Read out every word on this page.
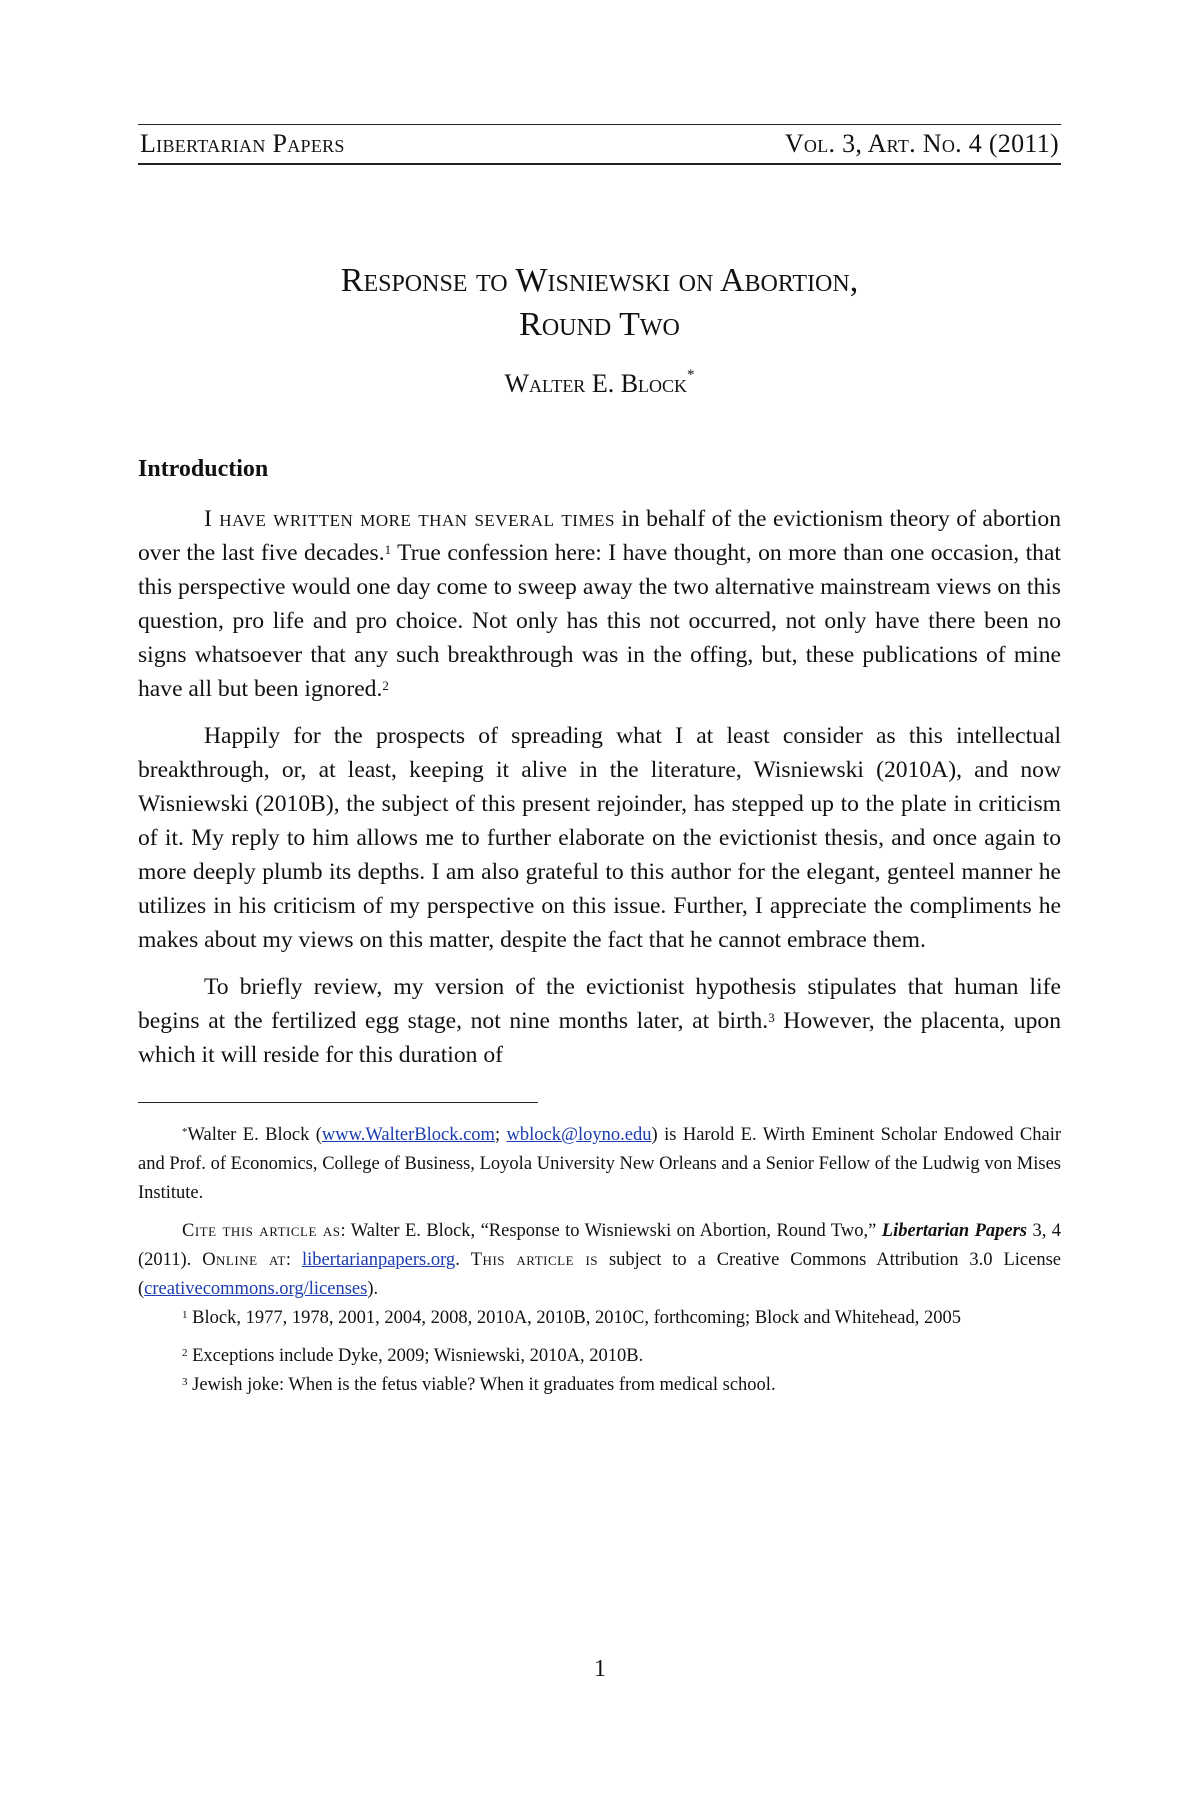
Libertarian Papers	Vol. 3, Art. No. 4 (2011)
Response to Wisniewski on Abortion,
Round Two
Walter E. Block*
Introduction

I have written more than several times in behalf of the evictionism theory of abortion over the last five decades.$^1$ True confession here: I have thought, on more than one occasion, that this perspective would one day come to sweep away the two alternative mainstream views on this question, pro life and pro choice. Not only has this not occurred, not only have there been no signs whatsoever that any such breakthrough was in the offing, but, these publications of mine have all but been ignored.$^2$

Happily for the prospects of spreading what I at least consider as this intellectual breakthrough, or, at least, keeping it alive in the literature, Wisniewski (2010A), and now Wisniewski (2010B), the subject of this present rejoinder, has stepped up to the plate in criticism of it. My reply to him allows me to further elaborate on the evictionist thesis, and once again to more deeply plumb its depths. I am also grateful to this author for the elegant, genteel manner he utilizes in his criticism of my perspective on this issue. Further, I appreciate the compliments he makes about my views on this matter, despite the fact that he cannot embrace them.

To briefly review, my version of the evictionist hypothesis stipulates that human life begins at the fertilized egg stage, not nine months later, at birth.$^3$ However, the placenta, upon which it will reside for this duration of

*Walter E. Block (www.WalterBlock.com; wblock@loyno.edu) is Harold E. Wirth Eminent Scholar Endowed Chair and Prof. of Economics, College of Business, Loyola University New Orleans and a Senior Fellow of the Ludwig von Mises Institute.

Cite this article as: Walter E. Block, “Response to Wisniewski on Abortion, Round Two,” Libertarian Papers 3, 4 (2011). Online at: libertarianpapers.org. This article is subject to a Creative Commons Attribution 3.0 License (creativecommons.org/licenses).

$^1$ Block, 1977, 1978, 2001, 2004, 2008, 2010A, 2010B, 2010C, forthcoming; Block and Whitehead, 2005

$^2$ Exceptions include Dyke, 2009; Wisniewski, 2010A, 2010B.

$^3$ Jewish joke: When is the fetus viable? When it graduates from medical school.

1
